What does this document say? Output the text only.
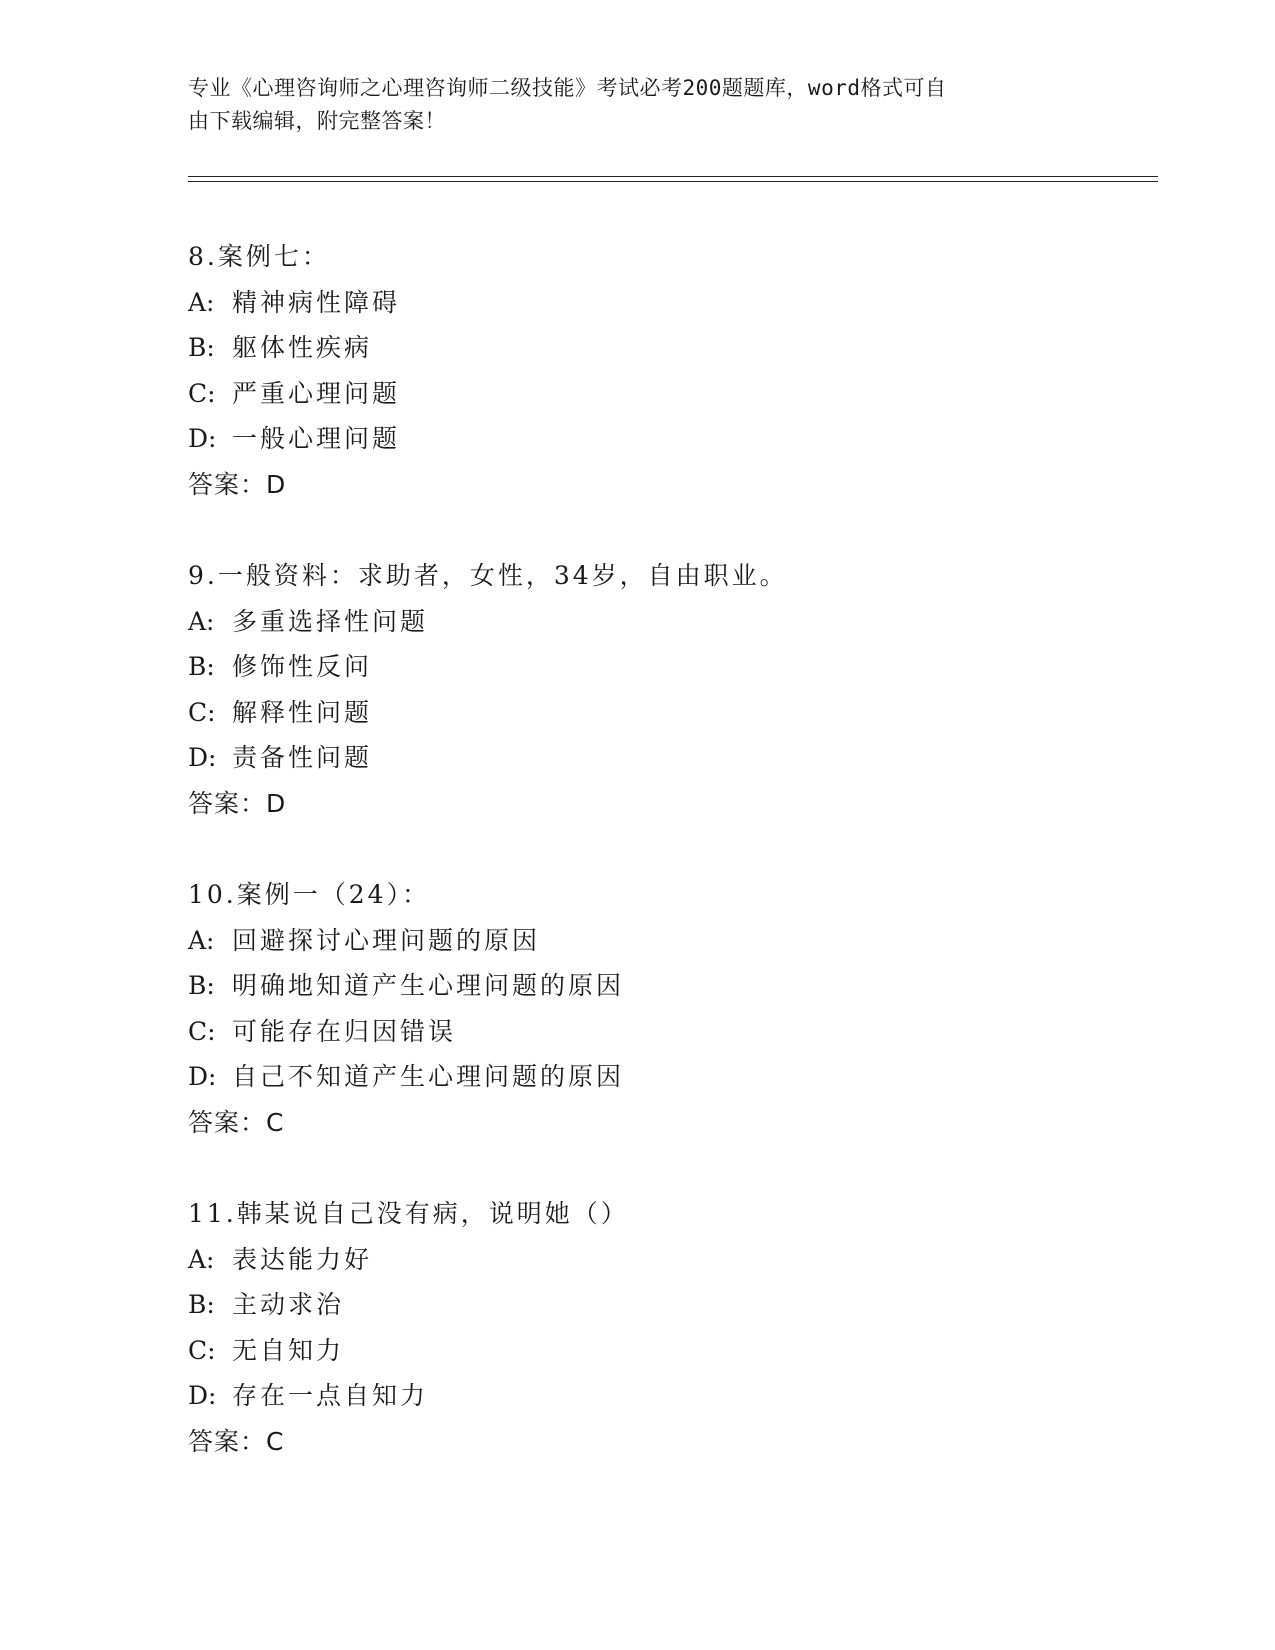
专业《心理咨询师之心理咨询师二级技能》考试必考200题题库，word格式可自
由下载编辑，附完整答案！
8.案例七：
A: 精神病性障碍
B: 躯体性疾病
C: 严重心理问题
D: 一般心理问题
答案：D
9.一般资料：求助者，女性，34岁，自由职业。
A: 多重选择性问题
B: 修饰性反问
C: 解释性问题
D: 责备性问题
答案：D
10.案例一（24）：
A: 回避探讨心理问题的原因
B: 明确地知道产生心理问题的原因
C: 可能存在归因错误
D: 自己不知道产生心理问题的原因
答案：C
11.韩某说自己没有病，说明她（）
A: 表达能力好
B: 主动求治
C: 无自知力
D: 存在一点自知力
答案：C
